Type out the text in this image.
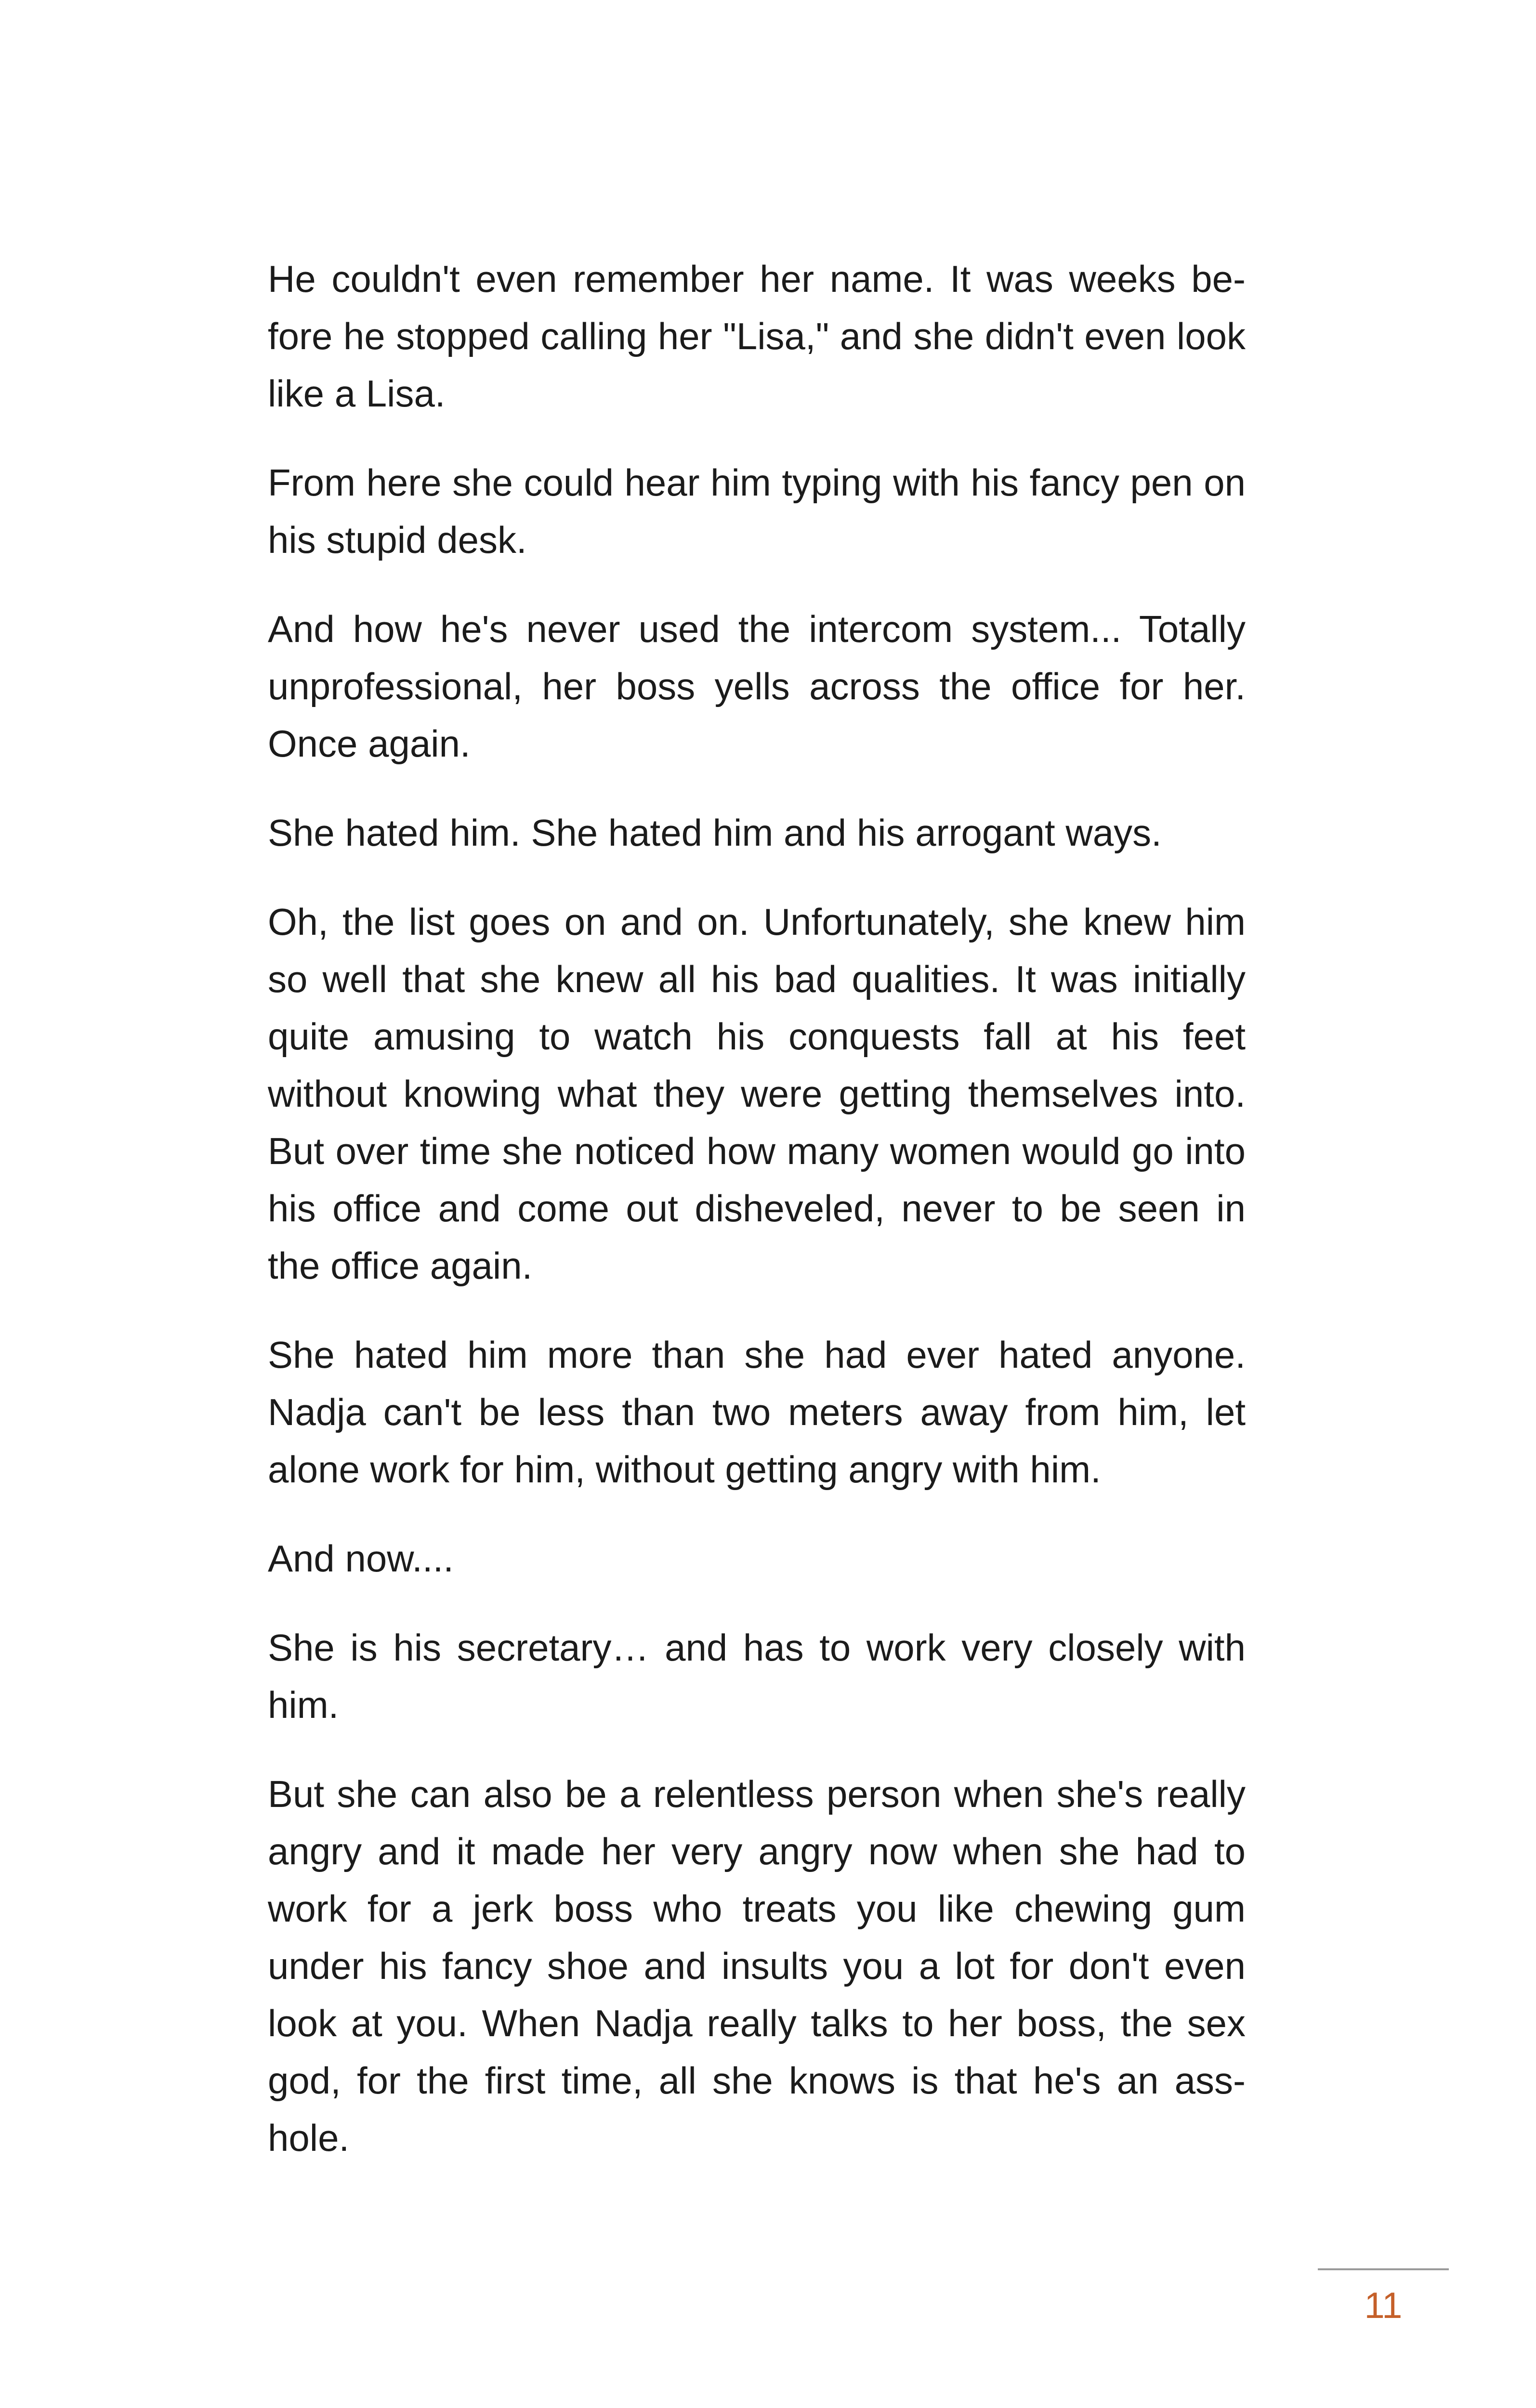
He couldn't even remember her name. It was weeks before he stopped calling her "Lisa," and she didn't even look like a Lisa.

From here she could hear him typing with his fancy pen on his stupid desk.

And how he's never used the intercom system... Totally unprofessional, her boss yells across the office for her. Once again.

She hated him. She hated him and his arrogant ways.

Oh, the list goes on and on. Unfortunately, she knew him so well that she knew all his bad qualities. It was initially quite amusing to watch his conquests fall at his feet without knowing what they were getting themselves into. But over time she noticed how many women would go into his office and come out disheveled, never to be seen in the office again.

She hated him more than she had ever hated anyone. Nadja can't be less than two meters away from him, let alone work for him, without getting angry with him.

And now....

She is his secretary… and has to work very closely with him.

But she can also be a relentless person when she's really angry and it made her very angry now when she had to work for a jerk boss who treats you like chewing gum under his fancy shoe and insults you a lot for don't even look at you. When Nadja really talks to her boss, the sex god, for the first time, all she knows is that he's an asshole.

11
